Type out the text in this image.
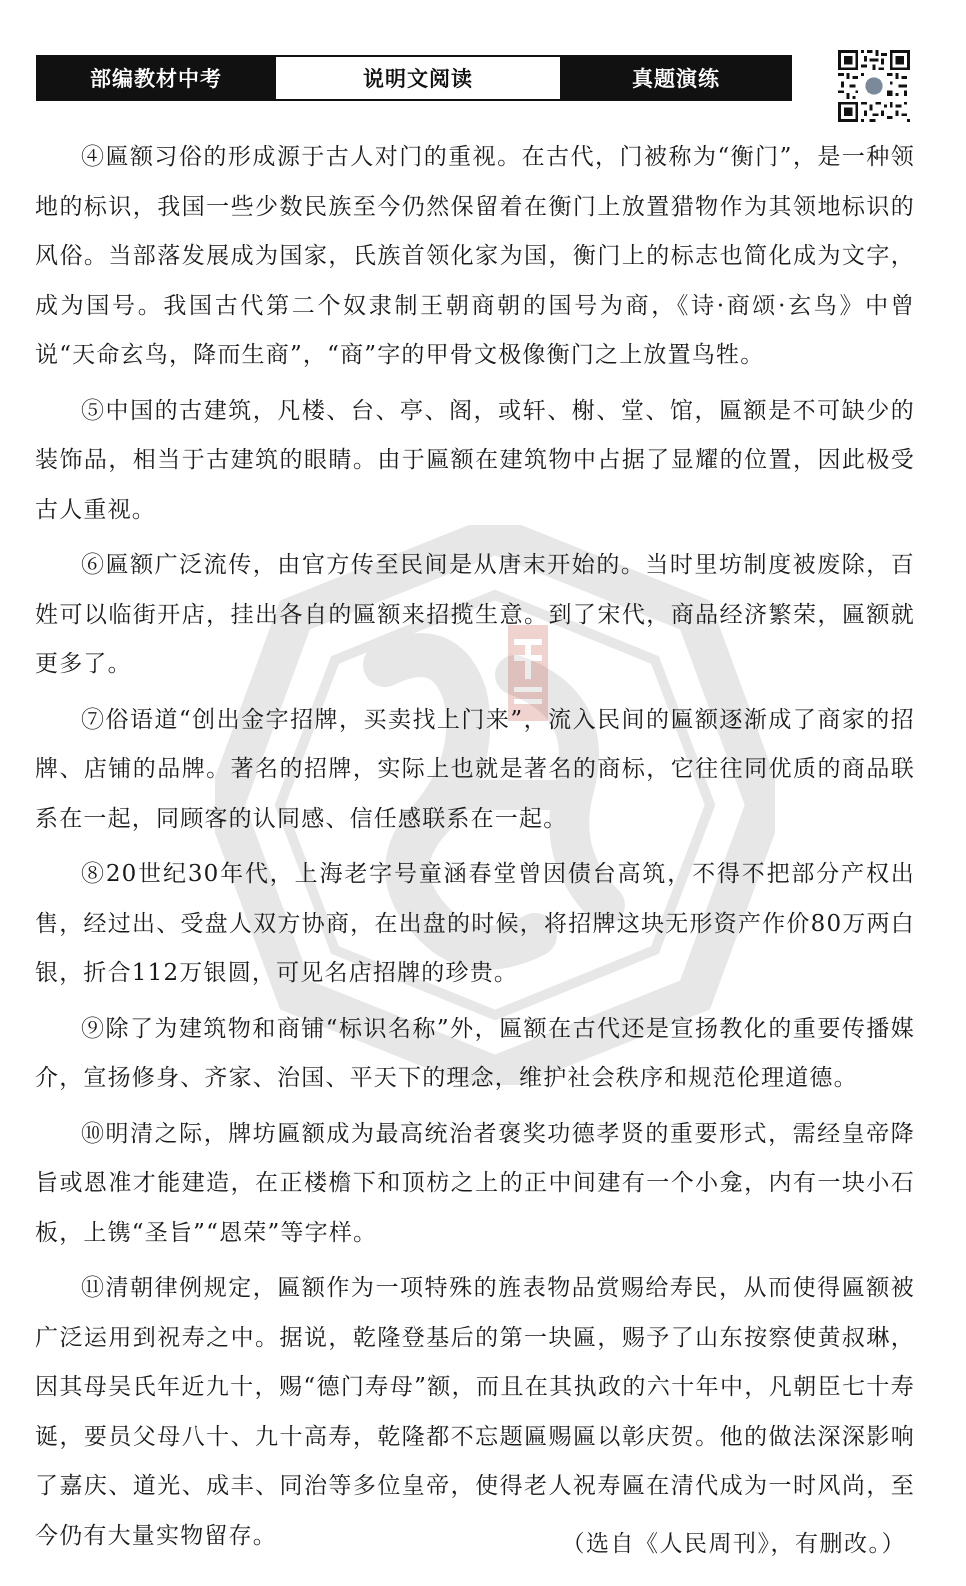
部编教材中考	说明文阅读	真题演练

④匾额习俗的形成源于古人对门的重视。在古代，门被称为“衡门”，是一种领地的标识，我国一些少数民族至今仍然保留着在衡门上放置猎物作为其领地标识的风俗。当部落发展成为国家，氏族首领化家为国，衡门上的标志也简化成为文字，成为国号。我国古代第二个奴隶制王朝商朝的国号为商，《诗·商颂·玄鸟》中曾说“天命玄鸟，降而生商”，“商”字的甲骨文极像衡门之上放置鸟牲。

⑤中国的古建筑，凡楼、台、亭、阁，或轩、榭、堂、馆，匾额是不可缺少的装饰品，相当于古建筑的眼睛。由于匾额在建筑物中占据了显耀的位置，因此极受古人重视。

⑥匾额广泛流传，由官方传至民间是从唐末开始的。当时里坊制度被废除，百姓可以临街开店，挂出各自的匾额来招揽生意。到了宋代，商品经济繁荣，匾额就更多了。

⑦俗语道“创出金字招牌，买卖找上门来”，流入民间的匾额逐渐成了商家的招牌、店铺的品牌。著名的招牌，实际上也就是著名的商标，它往往同优质的商品联系在一起，同顾客的认同感、信任感联系在一起。

⑧20世纪30年代，上海老字号童涵春堂曾因债台高筑，不得不把部分产权出售，经过出、受盘人双方协商，在出盘的时候，将招牌这块无形资产作价80万两白银，折合112万银圆，可见名店招牌的珍贵。

⑨除了为建筑物和商铺“标识名称”外，匾额在古代还是宣扬教化的重要传播媒介，宣扬修身、齐家、治国、平天下的理念，维护社会秩序和规范伦理道德。

⑩明清之际，牌坊匾额成为最高统治者褒奖功德孝贤的重要形式，需经皇帝降旨或恩准才能建造，在正楼檐下和顶枋之上的正中间建有一个小龛，内有一块小石板，上镌“圣旨”“恩荣”等字样。

⑪清朝律例规定，匾额作为一项特殊的旌表物品赏赐给寿民，从而使得匾额被广泛运用到祝寿之中。据说，乾隆登基后的第一块匾，赐予了山东按察使黄叔琳，因其母吴氏年近九十，赐“德门寿母”额，而且在其执政的六十年中，凡朝臣七十寿诞，要员父母八十、九十高寿，乾隆都不忘题匾赐匾以彰庆贺。他的做法深深影响了嘉庆、道光、成丰、同治等多位皇帝，使得老人祝寿匾在清代成为一时风尚，至今仍有大量实物留存。	（选自《人民周刊》，有删改。）
